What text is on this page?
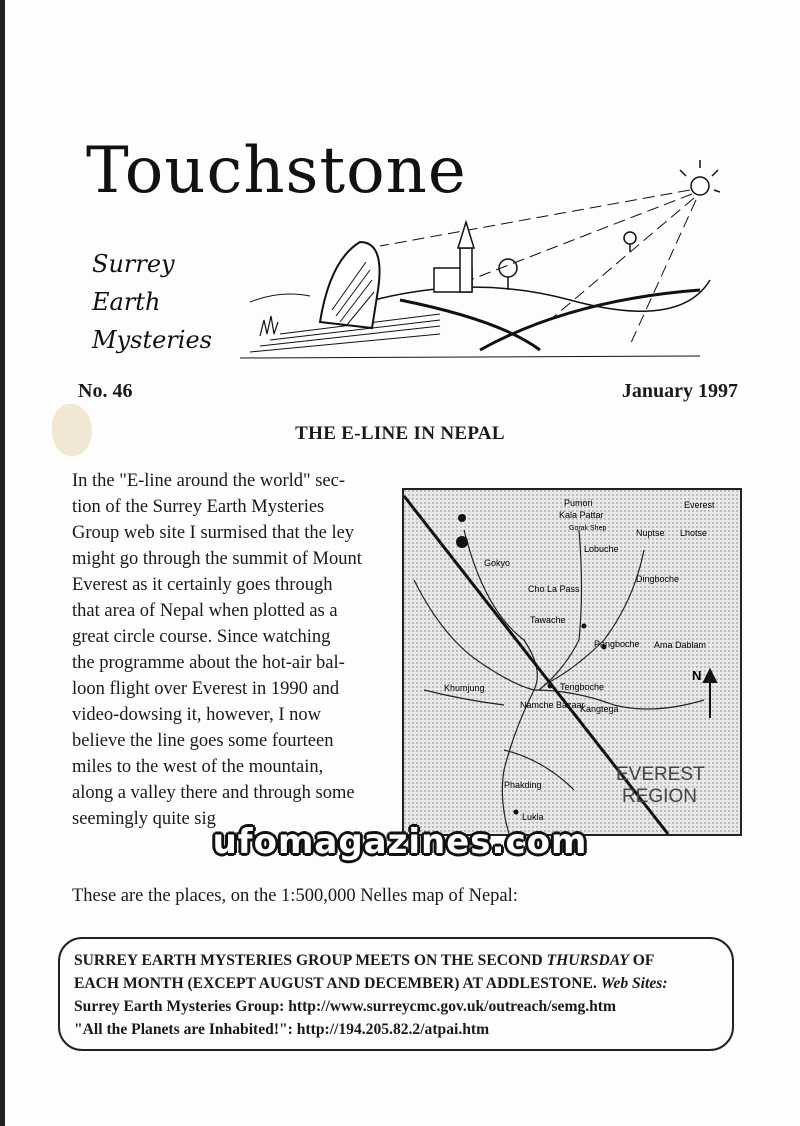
Touchstone
Surrey
Earth
Mysteries
No. 46	January 1997
THE E-LINE IN NEPAL
In the "E-line around the world" sec-
tion of the Surrey Earth Mysteries
Group web site I surmised that the ley
might go through the summit of Mount
Everest as it certainly goes through
that area of Nepal when plotted as a
great circle course. Since watching
the programme about the hot-air bal-
loon flight over Everest in 1990 and
video-dowsing it, however, I now
believe the line goes some fourteen
miles to the west of the mountain,
along a valley there and through some
seemingly quite sig
N
Pumori
Kala Pattar
Gorak Shep
Everest
Nuptse Lhotse
Lobuche
Gokyo
Cho La Pass
Dingboche
Tawache
Pangboche Ama Dablam
Khumjung	Tengboche
Namche Bazaar
Kangtega
Phakding
Lukla
EVEREST
REGION
ufomagazines.com
These are the places, on the 1:500,000 Nelles map of Nepal:
SURREY EARTH MYSTERIES GROUP MEETS ON THE SECOND THURSDAY OF
EACH MONTH (EXCEPT AUGUST AND DECEMBER) AT ADDLESTONE. Web Sites:
Surrey Earth Mysteries Group: http://www.surreycmc.gov.uk/outreach/semg.htm
"All the Planets are Inhabited!": http://194.205.82.2/atpai.htm
